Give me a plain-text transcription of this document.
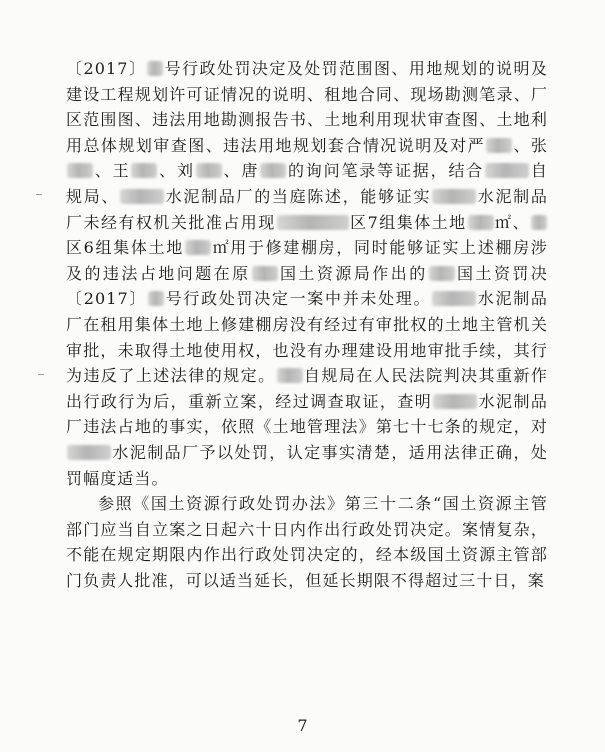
〔2017〕 号行政处罚决定及处罚范围图、用地规划的说明及建设工程规划许可证情况的说明、租地合同、现场勘测笔录、厂区范围图、违法用地勘测报告书、土地利用现状审查图、土地利用总体规划审查图、违法用地规划套合情况说明及对严 、张、王 、刘 、唐 的询问笔录等证据，结合	自规局、	水泥制品厂的当庭陈述，能够证实	水泥制品厂未经有权机关批准占用现	区7组集体土地 ㎡、区6组集体土地 ㎡用于修建棚房，同时能够证实上述棚房涉及的违法占地问题在原 国土资源局作出的 国土资罚决〔2017〕 号行政处罚决定一案中并未处理。	水泥制品厂在租用集体土地上修建棚房没有经过有审批权的土地主管机关审批，未取得土地使用权，也没有办理建设用地审批手续，其行为违反了上述法律的规定。 自规局在人民法院判决其重新作出行政行为后，重新立案，经过调查取证，查明	水泥制品厂违法占地的事实，依照《土地管理法》第七十七条的规定，对水泥制品厂予以处罚，认定事实清楚，适用法律正确，处罚幅度适当。

参照《国土资源行政处罚办法》第三十二条“国土资源主管部门应当自立案之日起六十日内作出行政处罚决定。案情复杂，不能在规定期限内作出行政处罚决定的，经本级国土资源主管部门负责人批准，可以适当延长，但延长期限不得超过三十日，案

7
